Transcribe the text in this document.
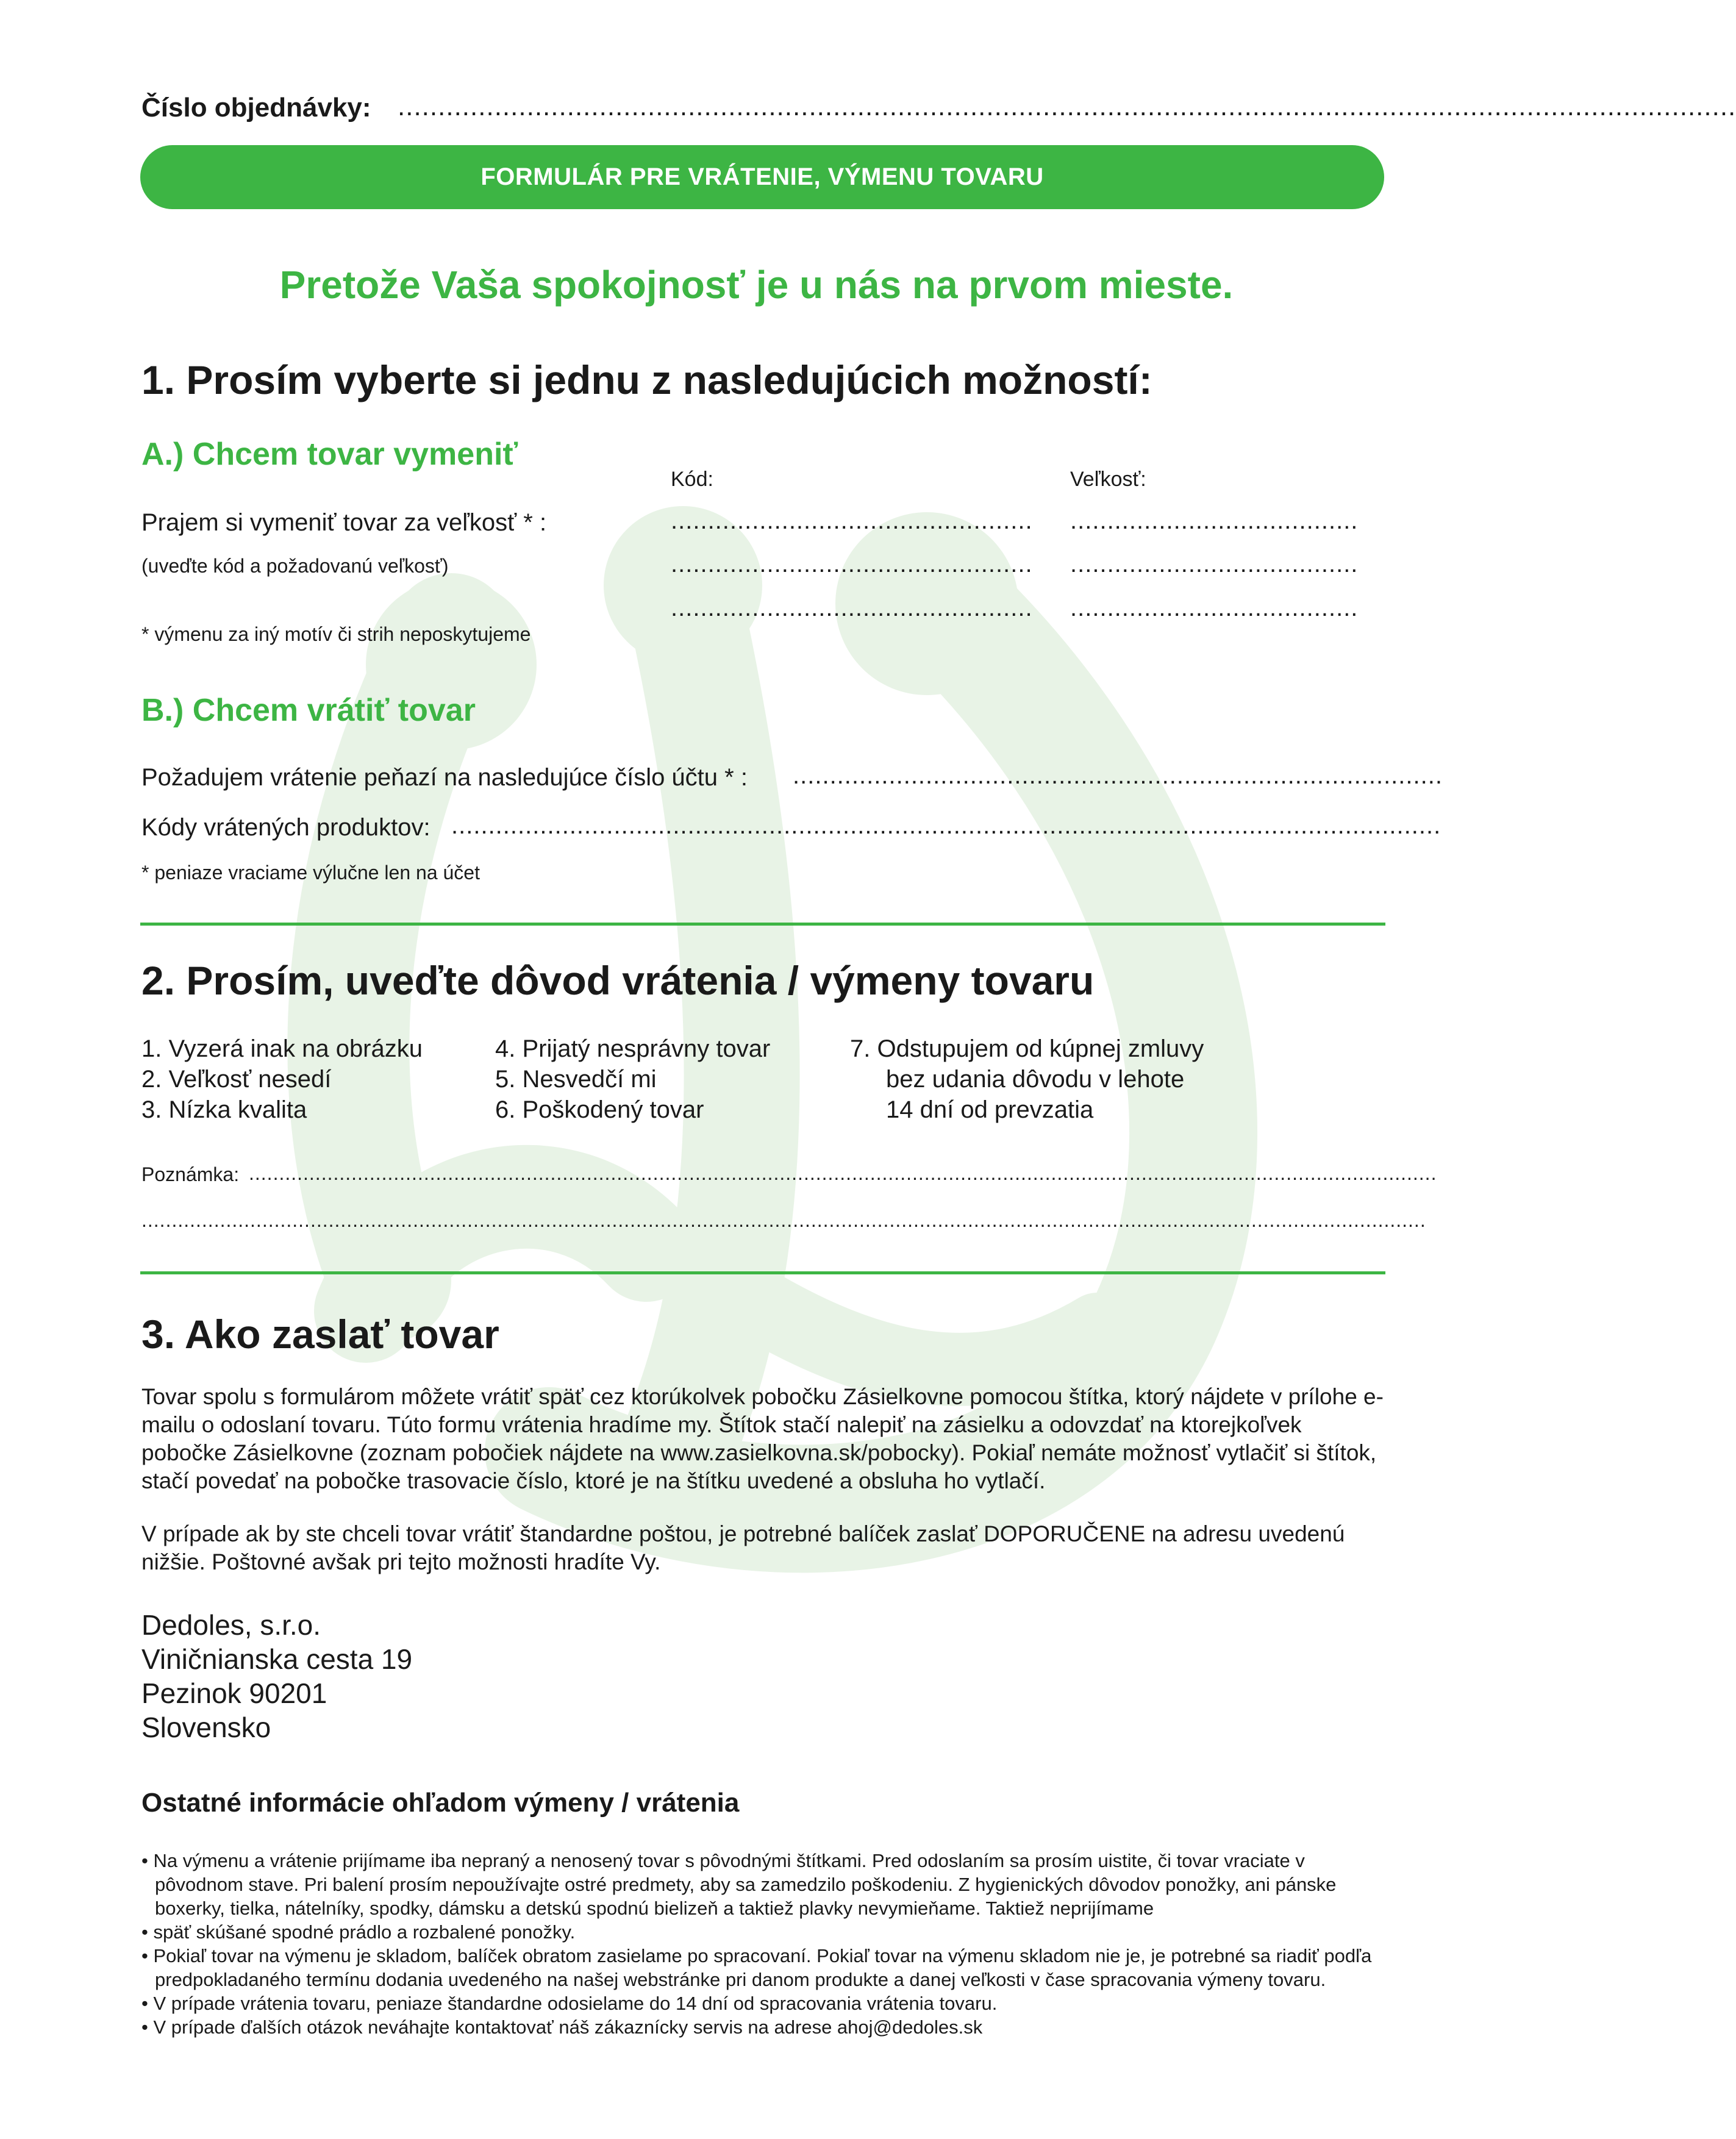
Číslo objednávky: ......................................................................................................................................................................

FORMULÁR PRE VRÁTENIE, VÝMENU TOVARU

Pretože Vaša spokojnosť je u nás na prvom mieste.

1. Prosím vyberte si jednu z nasledujúcich možností:

A.) Chcem tovar vymeniť

Kód:	Veľkosť:

Prajem si vymeniť tovar za veľkosť * :

(uveďte kód a požadovanú veľkosť)

* výmenu za iný motív či strih neposkytujeme

.................................................

.................................................

.................................................

.......................................

.......................................

.......................................

B.) Chcem vrátiť tovar

Požadujem vrátenie peňazí na nasledujúce číslo účtu * : ........................................................................................

Kódy vrátených produktov: ......................................................................................................................................

* peniaze vraciame výlučne len na účet

2. Prosím, uveďte dôvod vrátenia / výmeny tovaru

1. Vyzerá inak na obrázku

2. Veľkosť nesedí

3. Nízka kvalita

4. Prijatý nesprávny tovar

5. Nesvedčí mi

6. Poškodený tovar

7. Odstupujem od kúpnej zmluvy

bez udania dôvodu v lehote

14 dní od prevzatia

Poznámka: .....................................................................................................................................................................................................

.....................................................................................................................................................................................................................

3. Ako zaslať tovar

Tovar spolu s formulárom môžete vrátiť späť cez ktorúkolvek pobočku Zásielkovne pomocou štítka, ktorý nájdete v prílohe e-mailu o odoslaní tovaru. Túto formu vrátenia hradíme my. Štítok stačí nalepiť na zásielku a odovzdať na ktorejkoľvek pobočke Zásielkovne (zoznam pobočiek nájdete na www.zasielkovna.sk/pobocky). Pokiaľ nemáte možnosť vytlačiť si štítok, stačí povedať na pobočke trasovacie číslo, ktoré je na štítku uvedené a obsluha ho vytlačí.

V prípade ak by ste chceli tovar vrátiť štandardne poštou, je potrebné balíček zaslať DOPORUČENE na adresu uvedenú nižšie. Poštovné avšak pri tejto možnosti hradíte Vy.

Dedoles, s.r.o.

Viničnianska cesta 19

Pezinok 90201

Slovensko

Ostatné informácie ohľadom výmeny / vrátenia

• Na výmenu a vrátenie prijímame iba nepraný a nenosený tovar s pôvodnými štítkami. Pred odoslaním sa prosím uistite, či tovar vraciate v pôvodnom stave. Pri balení prosím nepoužívajte ostré predmety, aby sa zamedzilo poškodeniu. Z hygienických dôvodov ponožky, ani pánske boxerky, tielka, nátelníky, spodky, dámsku a detskú spodnú bielizeň a taktiež plavky nevymieňame. Taktiež neprijímame
• späť skúšané spodné prádlo a rozbalené ponožky.
• Pokiaľ tovar na výmenu je skladom, balíček obratom zasielame po spracovaní. Pokiaľ tovar na výmenu skladom nie je, je potrebné sa riadiť podľa predpokladaného termínu dodania uvedeného na našej webstránke pri danom produkte a danej veľkosti v čase spracovania výmeny tovaru.
• V prípade vrátenia tovaru, peniaze štandardne odosielame do 14 dní od spracovania vrátenia tovaru.
• V prípade ďalších otázok neváhajte kontaktovať náš zákaznícky servis na adrese ahoj@dedoles.sk
